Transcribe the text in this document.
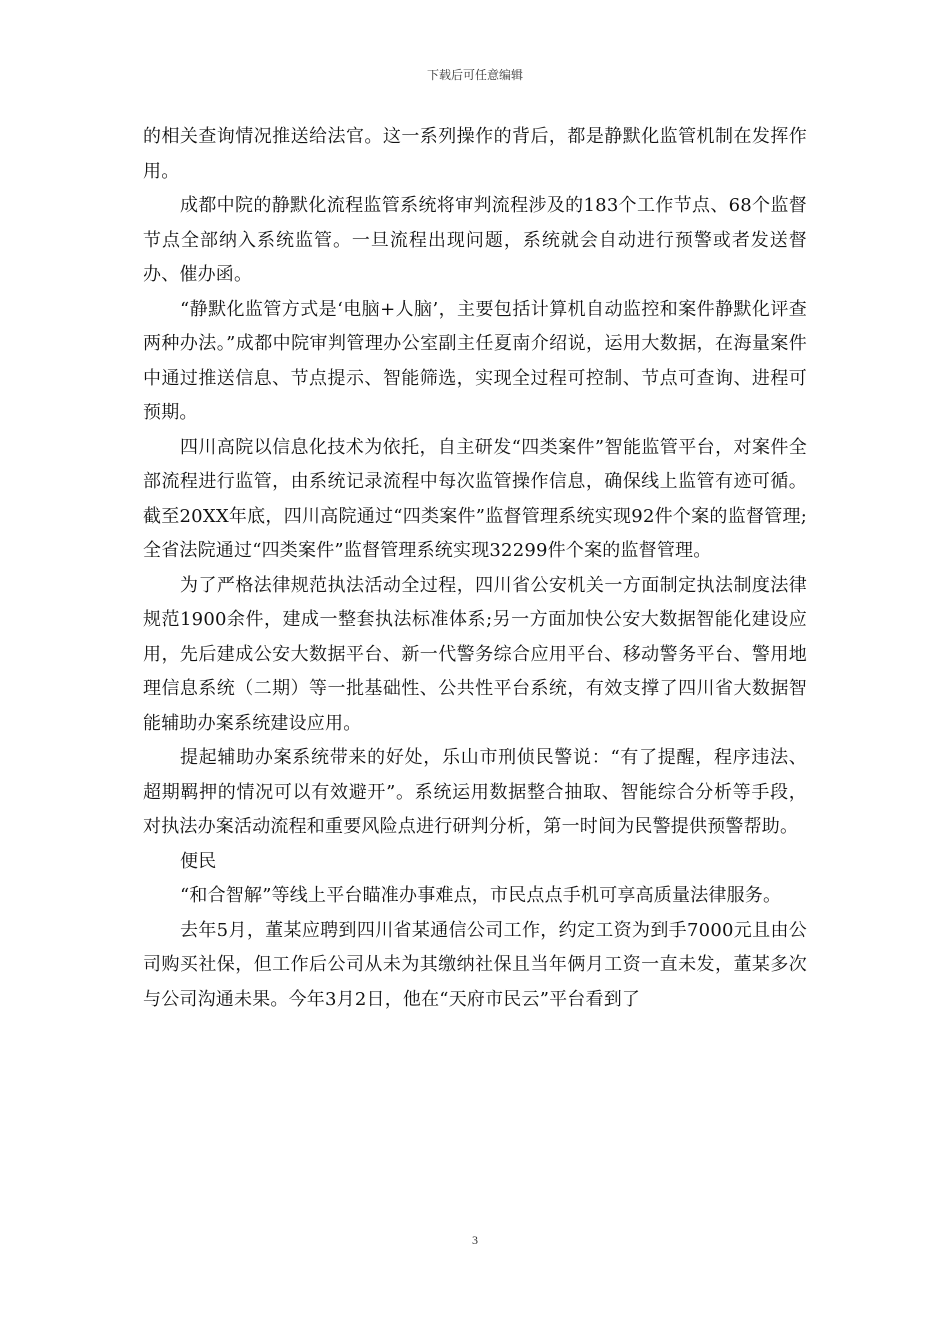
下载后可任意编辑

的相关查询情况推送给法官。这一系列操作的背后，都是静默化监管机制在发挥作用。

成都中院的静默化流程监管系统将审判流程涉及的183个工作节点、68个监督节点全部纳入系统监管。一旦流程出现问题，系统就会自动进行预警或者发送督办、催办函。

“静默化监管方式是‘电脑+人脑’，主要包括计算机自动监控和案件静默化评查两种办法。”成都中院审判管理办公室副主任夏南介绍说，运用大数据，在海量案件中通过推送信息、节点提示、智能筛选，实现全过程可控制、节点可查询、进程可预期。

四川高院以信息化技术为依托，自主研发“四类案件”智能监管平台，对案件全部流程进行监管，由系统记录流程中每次监管操作信息，确保线上监管有迹可循。截至20XX年底，四川高院通过“四类案件”监督管理系统实现92件个案的监督管理;全省法院通过“四类案件”监督管理系统实现32299件个案的监督管理。

为了严格法律规范执法活动全过程，四川省公安机关一方面制定执法制度法律规范1900余件，建成一整套执法标准体系;另一方面加快公安大数据智能化建设应用，先后建成公安大数据平台、新一代警务综合应用平台、移动警务平台、警用地理信息系统（二期）等一批基础性、公共性平台系统，有效支撑了四川省大数据智能辅助办案系统建设应用。

提起辅助办案系统带来的好处，乐山市刑侦民警说：“有了提醒，程序违法、超期羁押的情况可以有效避开”。系统运用数据整合抽取、智能综合分析等手段，对执法办案活动流程和重要风险点进行研判分析，第一时间为民警提供预警帮助。

便民

“和合智解”等线上平台瞄准办事难点，市民点点手机可享高质量法律服务。

去年5月，董某应聘到四川省某通信公司工作，约定工资为到手7000元且由公司购买社保，但工作后公司从未为其缴纳社保且当年俩月工资一直未发，董某多次与公司沟通未果。今年3月2日，他在“天府市民云”平台看到了

3
